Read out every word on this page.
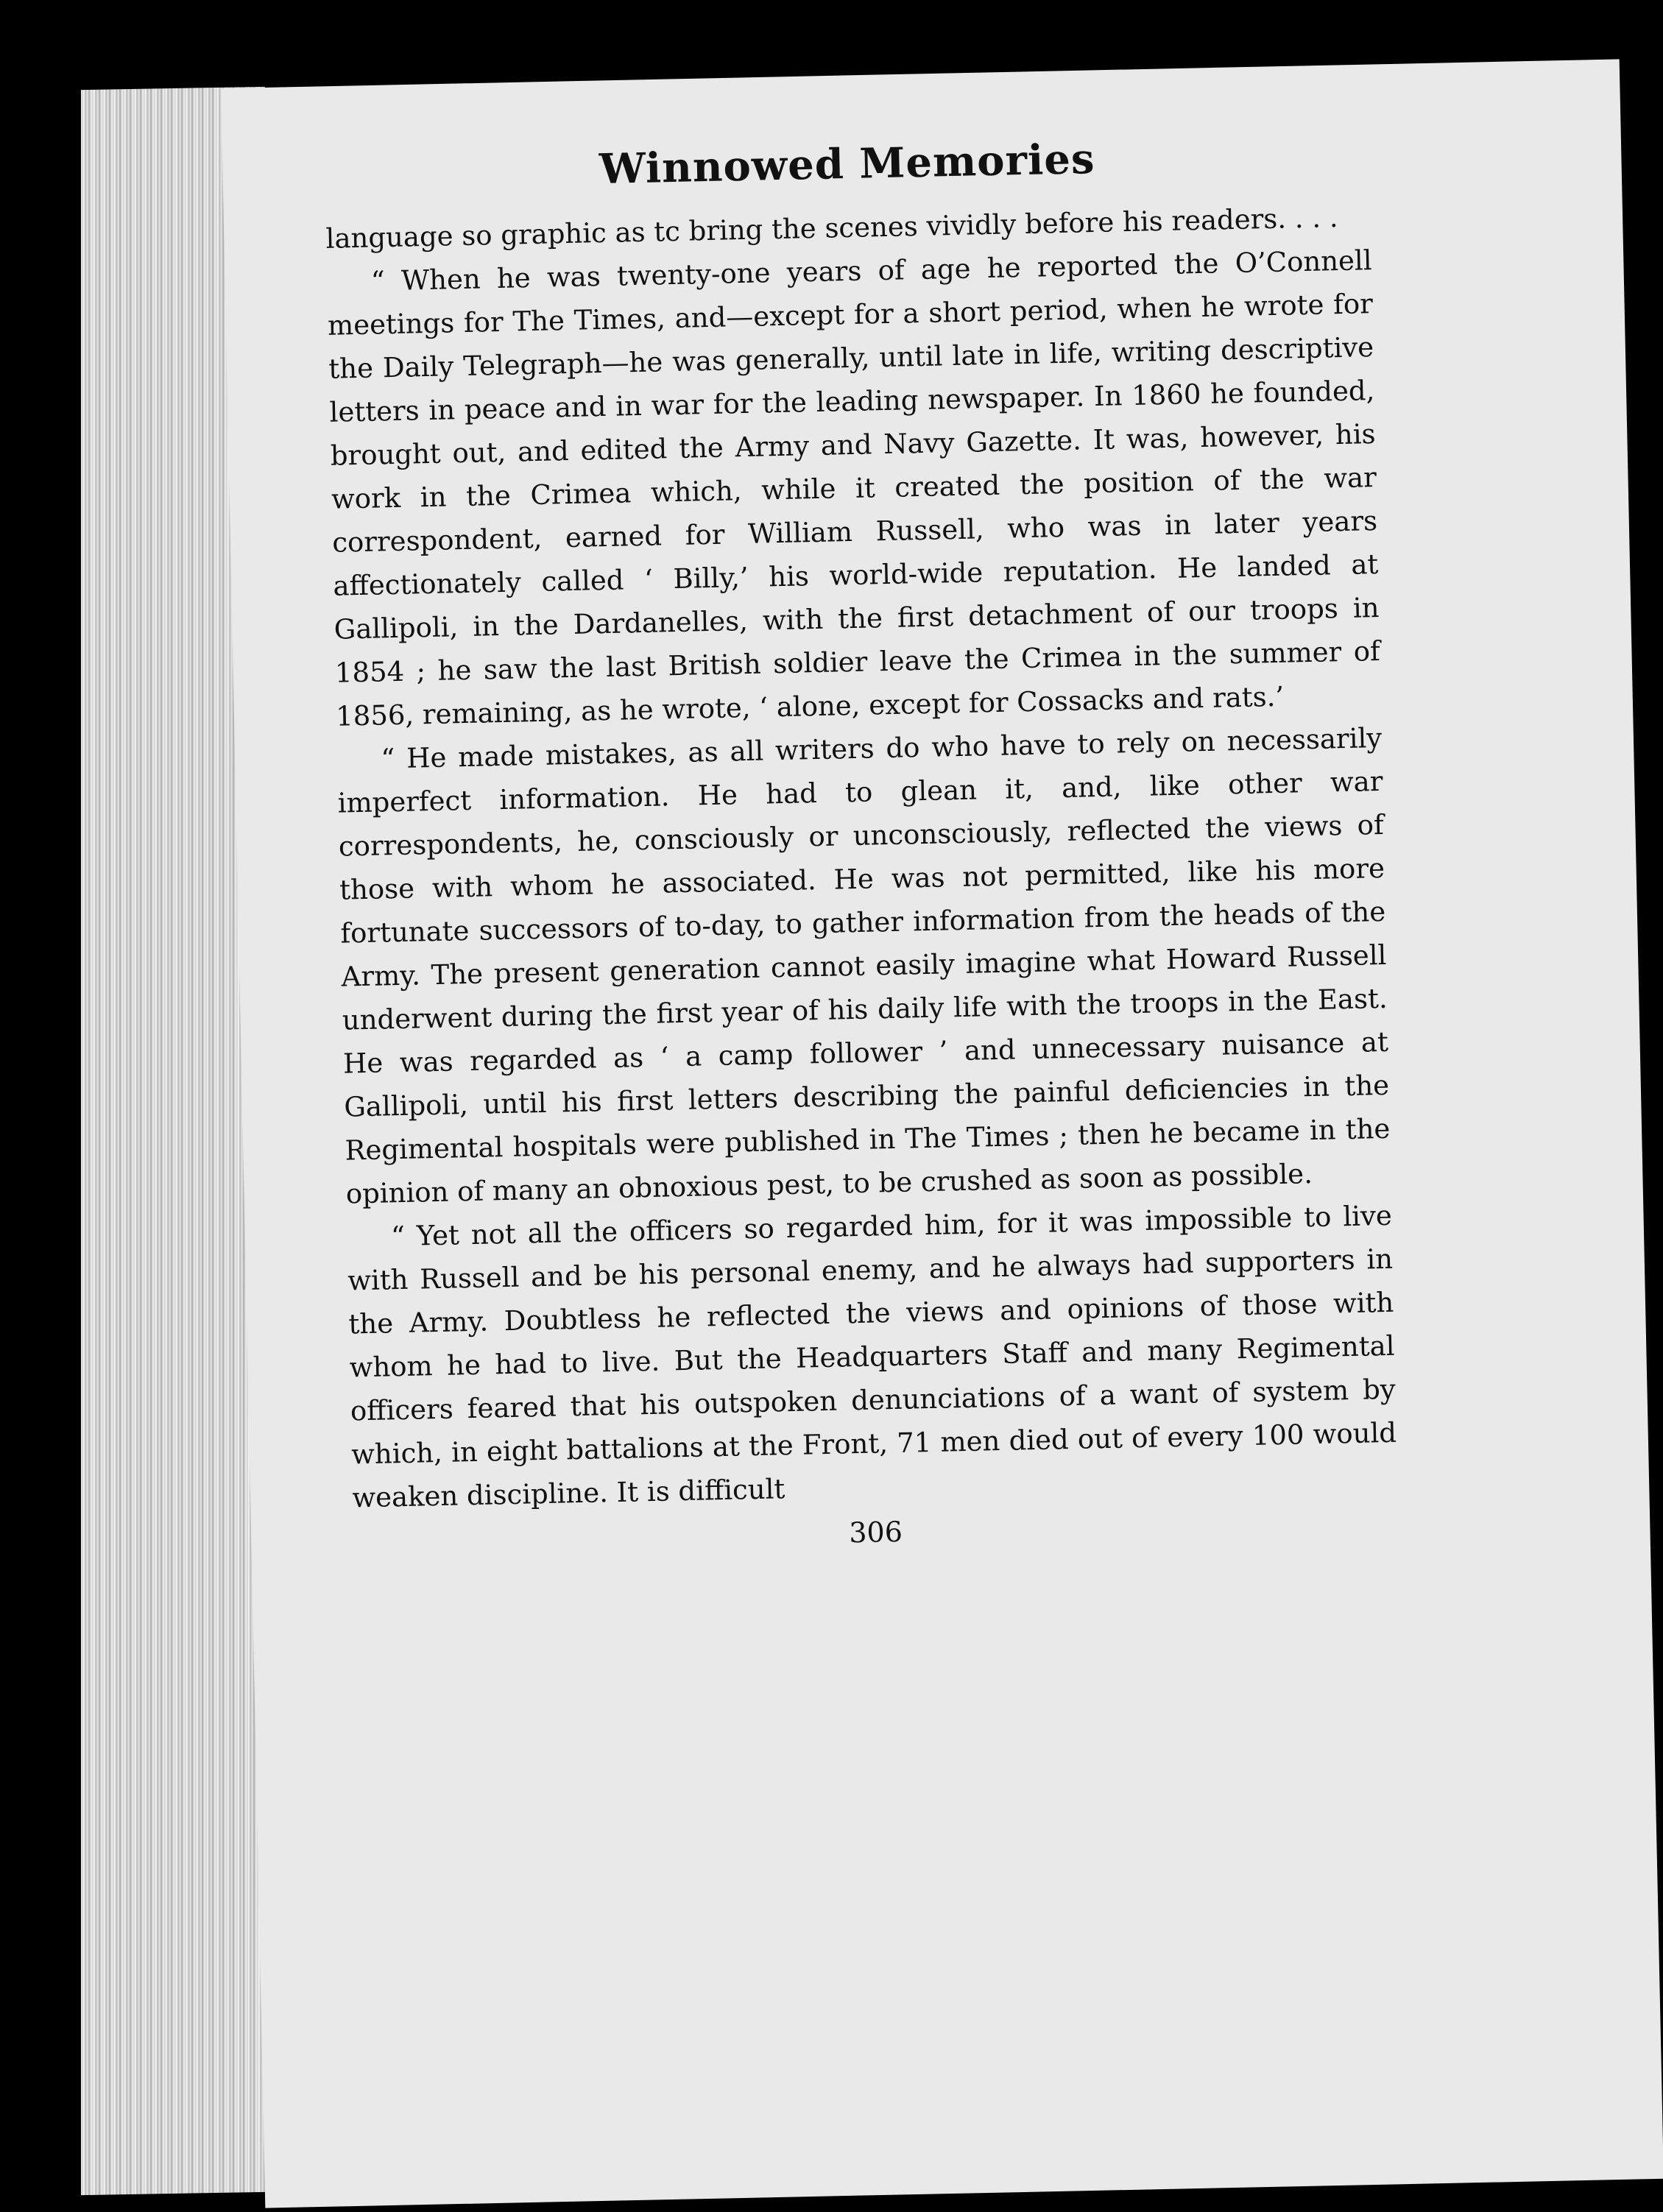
Winnowed Memories

language so graphic as tc bring the scenes vividly before his readers. . . .

“ When he was twenty-one years of age he reported the O’Connell meetings for The Times, and—except for a short period, when he wrote for the Daily Telegraph—he was generally, until late in life, writing descriptive letters in peace and in war for the leading newspaper. In 1860 he founded, brought out, and edited the Army and Navy Gazette. It was, however, his work in the Crimea which, while it created the position of the war correspondent, earned for William Russell, who was in later years affectionately called ‘ Billy,’ his world-wide reputation. He landed at Gallipoli, in the Dardanelles, with the first detachment of our troops in 1854 ; he saw the last British soldier leave the Crimea in the summer of 1856, remaining, as he wrote, ‘ alone, except for Cossacks and rats.’

“ He made mistakes, as all writers do who have to rely on necessarily imperfect information. He had to glean it, and, like other war correspondents, he, consciously or unconsciously, reflected the views of those with whom he associated. He was not permitted, like his more fortunate successors of to-day, to gather information from the heads of the Army. The present generation cannot easily imagine what Howard Russell underwent during the first year of his daily life with the troops in the East. He was regarded as ‘ a camp follower ’ and unnecessary nuisance at Gallipoli, until his first letters describing the painful deficiencies in the Regimental hospitals were published in The Times ; then he became in the opinion of many an obnoxious pest, to be crushed as soon as possible.

“ Yet not all the officers so regarded him, for it was impossible to live with Russell and be his personal enemy, and he always had supporters in the Army. Doubtless he reflected the views and opinions of those with whom he had to live. But the Headquarters Staff and many Regimental officers feared that his outspoken denunciations of a want of system by which, in eight battalions at the Front, 71 men died out of every 100 would weaken discipline. It is difficult

306
